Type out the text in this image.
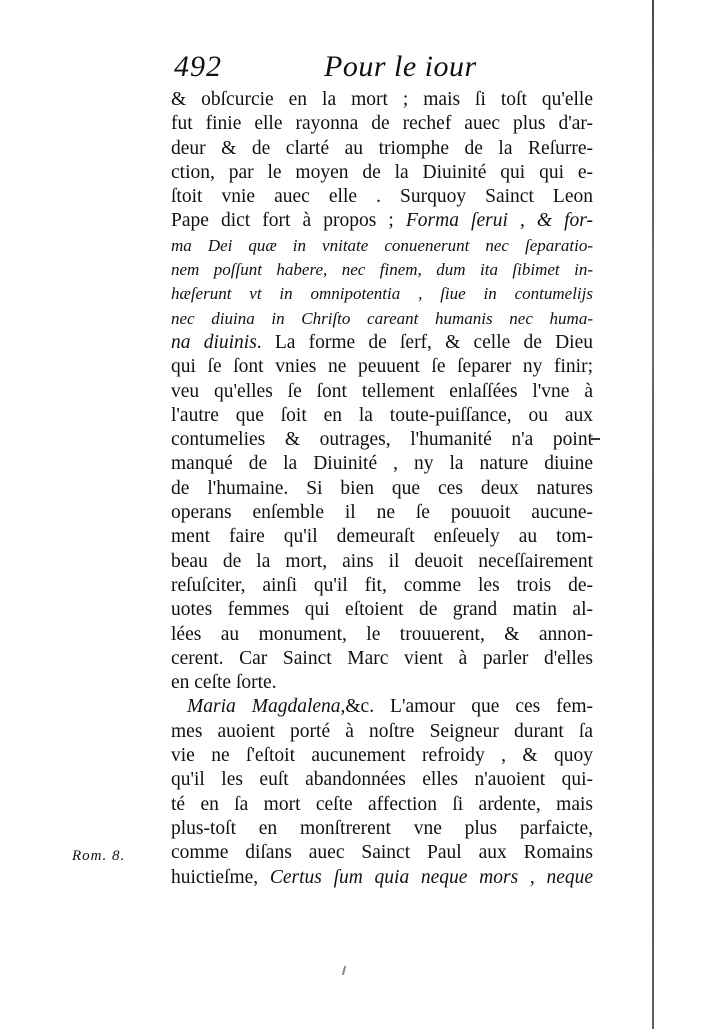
492	Pour le iour
& obſcurcie en la mort ; mais ſi toſt qu'elle
fut finie elle rayonna de rechef auec plus d'ar-
deur & de clarté au triomphe de la Reſurre-
ction, par le moyen de la Diuinité qui qui e-
ſtoit vnie auec elle . Surquoy Sainct Leon
Pape dict fort à propos ; Forma ſerui , & for-
ma Dei quæ in vnitate conuenerunt nec ſeparatio-
nem poſſunt habere, nec finem, dum ita ſibimet in-
hæſerunt vt in omnipotentia , ſiue in contumelijs
nec diuina in Chriſto careant humanis nec huma-
na diuinis. La forme de ſerf, & celle de Dieu
qui ſe ſont vnies ne peuuent ſe ſeparer ny finir;
veu qu'elles ſe ſont tellement enlaſſées l'vne à
l'autre que ſoit en la toute-puiſſance, ou aux
contumelies & outrages, l'humanité n'a point
manqué de la Diuinité , ny la nature diuine
de l'humaine. Si bien que ces deux natures
operans enſemble il ne ſe pouuoit aucune-
ment faire qu'il demeuraſt enſeuely au tom-
beau de la mort, ains il deuoit neceſſairement
reſuſciter, ainſi qu'il fit, comme les trois de-
uotes femmes qui eſtoient de grand matin al-
lées au monument, le trouuerent, & annon-
cerent. Car Sainct Marc vient à parler d'elles
en ceſte ſorte.
Maria Magdalena,&c. L'amour que ces fem-
mes auoient porté à noſtre Seigneur durant ſa
vie ne ſ'eſtoit aucunement refroidy , & quoy
qu'il les euſt abandonnées elles n'auoient qui-
té en ſa mort ceſte affection ſi ardente, mais
plus-toſt en monſtrerent vne plus parfaicte,
comme diſans auec Sainct Paul aux Romains
huictieſme, Certus ſum quia neque mors , neque
Rom. 8.
